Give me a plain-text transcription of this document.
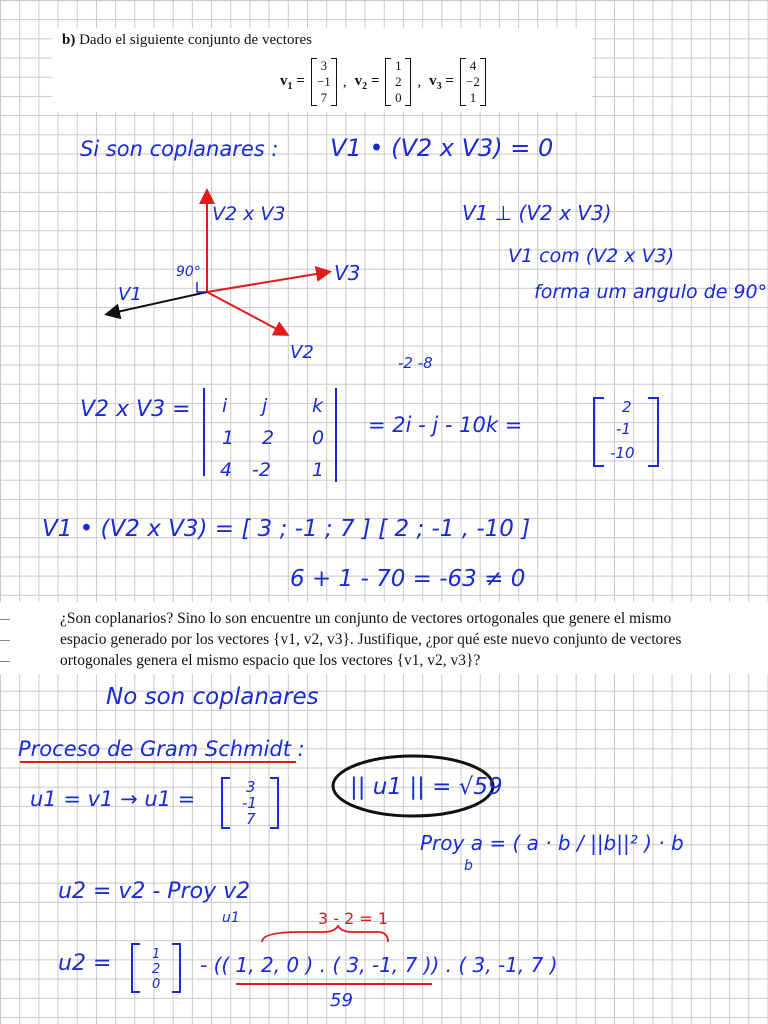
b) Dado el siguiente conjunto de vectores
$v_1$ =
3
−1
7
, $v_2$ =
1
2
0
, $v_3$ =
4
−2
1

¿Son coplanarios? Sino lo son encuentre un conjunto de vectores ortogonales que genere el mismo
espacio generado por los vectores {v1, v2, v3}. Justifique, ¿por qué este nuevo conjunto de vectores
ortogonales genera el mismo espacio que los vectores {v1, v2, v3}?

Si son coplanares : V1 • (V2 x V3) = 0
V2 x V3
V3
V2
V1
90°
V1 ⊥ (V2 x V3)
V1 com (V2 x V3)
forma um angulo de 90°
-2 -8
V2 x V3 = i j k
1 2 0
4 -2 1
= 2i - j - 10k =
2
-1
-10
V1 • (V2 x V3) = [ 3 ; -1 ; 7 ] [ 2 ; -1 , -10 ]
6 + 1 - 70 = -63 ≠ 0
No son coplanares
Proceso de Gram Schmidt :
u1 = v1 → u1 =	3
-1
7
|| u1 || = √59
Proy a = ( a · b / ||b||² ) · b
b
u2 = v2 - Proy v2
u1	3 - 2 = 1
u2 =	1
2
0
- (( 1, 2, 0 ) . ( 3, -1, 7 )) . ( 3, -1, 7 )
59
